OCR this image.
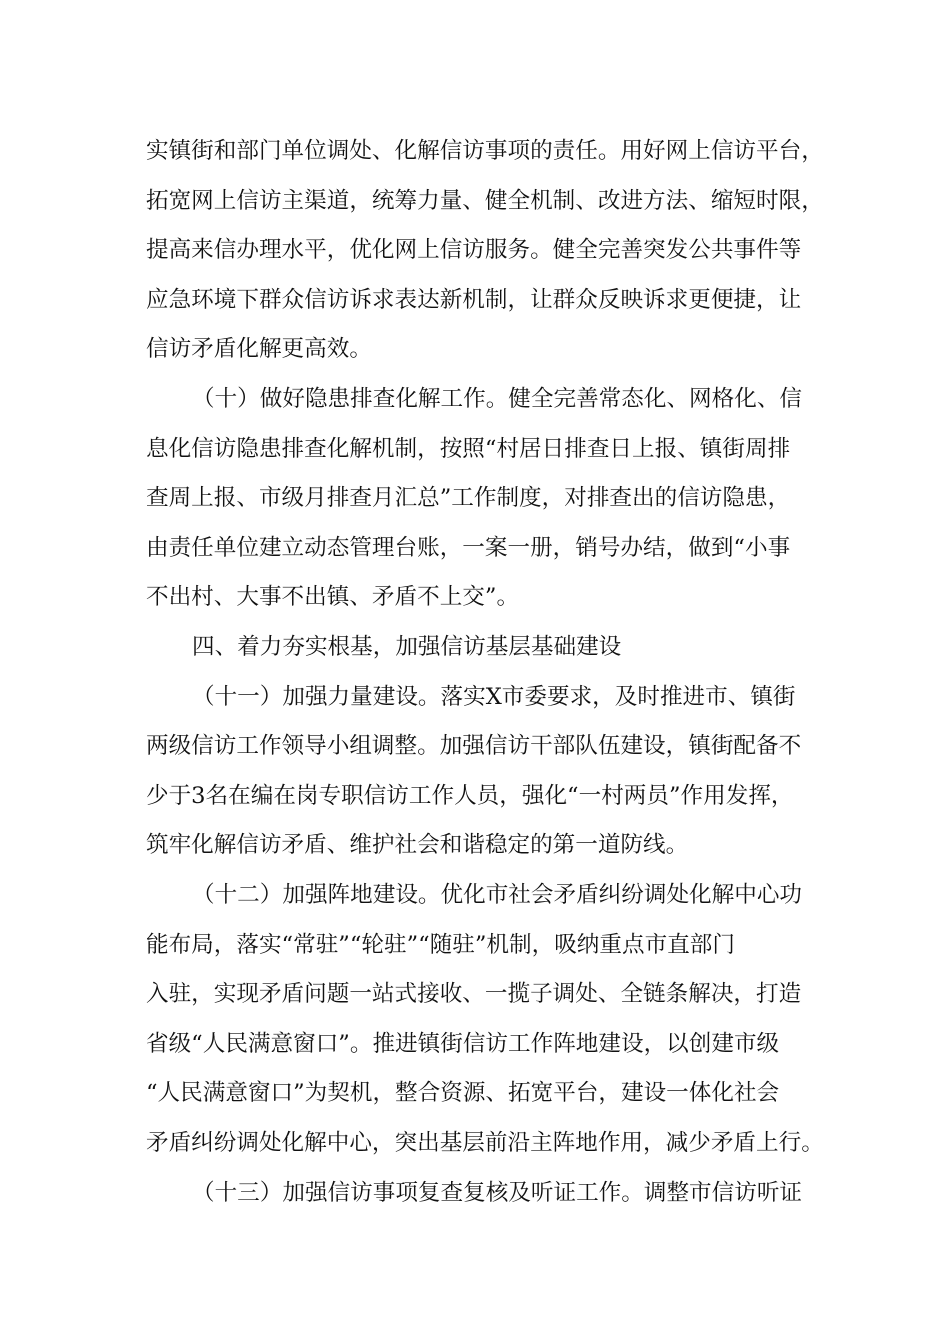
实镇街和部门单位调处、化解信访事项的责任。用好网上信访平台，

拓宽网上信访主渠道，统筹力量、健全机制、改进方法、缩短时限，

提高来信办理水平，优化网上信访服务。健全完善突发公共事件等

应急环境下群众信访诉求表达新机制，让群众反映诉求更便捷，让

信访矛盾化解更高效。

（十）做好隐患排查化解工作。健全完善常态化、网格化、信

息化信访隐患排查化解机制，按照“村居日排查日上报、镇街周排

查周上报、市级月排查月汇总”工作制度，对排查出的信访隐患，

由责任单位建立动态管理台账，一案一册，销号办结，做到“小事

不出村、大事不出镇、矛盾不上交”。

四、着力夯实根基，加强信访基层基础建设

（十一）加强力量建设。落实X市委要求，及时推进市、镇街

两级信访工作领导小组调整。加强信访干部队伍建设，镇街配备不

少于3名在编在岗专职信访工作人员，强化“一村两员”作用发挥，

筑牢化解信访矛盾、维护社会和谐稳定的第一道防线。

（十二）加强阵地建设。优化市社会矛盾纠纷调处化解中心功

能布局，落实“常驻”“轮驻”“随驻”机制，吸纳重点市直部门

入驻，实现矛盾问题一站式接收、一揽子调处、全链条解决，打造

省级“人民满意窗口”。推进镇街信访工作阵地建设，以创建市级

“人民满意窗口”为契机，整合资源、拓宽平台，建设一体化社会

矛盾纠纷调处化解中心，突出基层前沿主阵地作用，减少矛盾上行。

（十三）加强信访事项复查复核及听证工作。调整市信访听证
